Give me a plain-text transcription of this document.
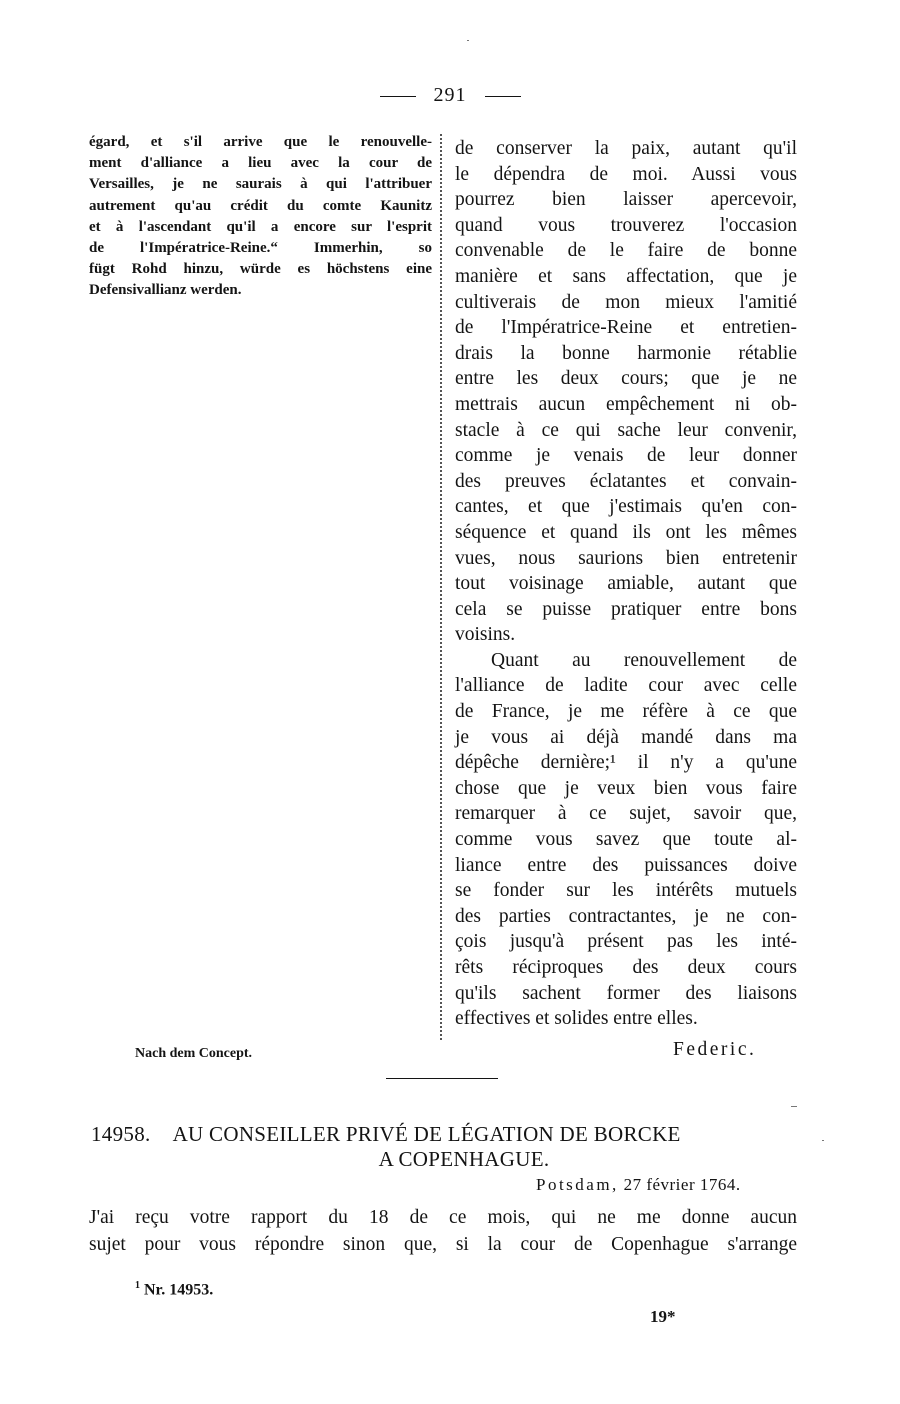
291
égard, et s'il arrive que le renouvelle-
ment d'alliance a lieu avec la cour de
Versailles, je ne saurais à qui l'attribuer
autrement qu'au crédit du comte Kaunitz
et à l'ascendant qu'il a encore sur l'esprit
de l'Impératrice-Reine.“ Immerhin, so
fügt Rohd hinzu, würde es höchstens eine
Defensivallianz werden.
de conserver la paix, autant qu'il
le dépendra de moi. Aussi vous
pourrez bien laisser apercevoir,
quand vous trouverez l'occasion
convenable de le faire de bonne
manière et sans affectation, que je
cultiverais de mon mieux l'amitié
de l'Impératrice-Reine et entretien-
drais la bonne harmonie rétablie
entre les deux cours; que je ne
mettrais aucun empêchement ni ob-
stacle à ce qui sache leur convenir,
comme je venais de leur donner
des preuves éclatantes et convain-
cantes, et que j'estimais qu'en con-
séquence et quand ils ont les mêmes
vues, nous saurions bien entretenir
tout voisinage amiable, autant que
cela se puisse pratiquer entre bons
voisins.
Quant au renouvellement de
l'alliance de ladite cour avec celle
de France, je me réfère à ce que
je vous ai déjà mandé dans ma
dépêche dernière;¹ il n'y a qu'une
chose que je veux bien vous faire
remarquer à ce sujet, savoir que,
comme vous savez que toute al-
liance entre des puissances doive
se fonder sur les intérêts mutuels
des parties contractantes, je ne con-
çois jusqu'à présent pas les inté-
rêts réciproques des deux cours
qu'ils sachent former des liaisons
effectives et solides entre elles.
Nach dem Concept.	Federic.
14958. AU CONSEILLER PRIVÉ DE LÉGATION DE BORCKE
A COPENHAGUE.
Potsdam, 27 février 1764.
J'ai reçu votre rapport du 18 de ce mois, qui ne me donne aucun
sujet pour vous répondre sinon que, si la cour de Copenhague s'arrange
$^1$ Nr. 14953.
19*
